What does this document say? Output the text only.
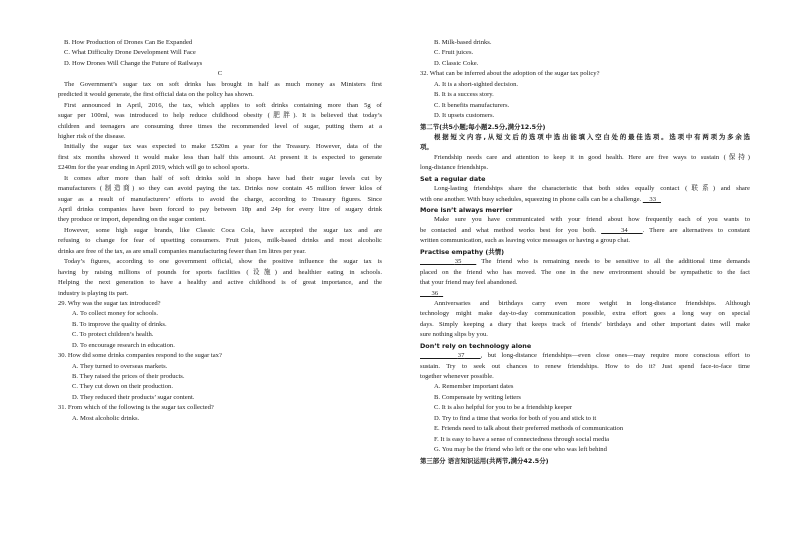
B. How Production of Drones Can Be Expanded
C. What Difficulty Drone Development Will Face
D. How Drones Will Change the Future of Railways
C
The Government’s sugar tax on soft drinks has brought in half as much money as Ministers first
predicted it would generate, the first official data on the policy has shown.
First announced in April, 2016, the tax, which applies to soft drinks containing more than 5g of
sugar per 100ml, was introduced to help reduce childhood obesity (肥胖). It is believed that today’s
children and teenagers are consuming three times the recommended level of sugar, putting them at a
higher risk of the disease.
Initially the sugar tax was expected to make £520m a year for the Treasury. However, data of the
first six months showed it would make less than half this amount. At present it is expected to generate
£240m for the year ending in April 2019, which will go to school sports.
It comes after more than half of soft drinks sold in shops have had their sugar levels cut by
manufacturers (制造商) so they can avoid paying the tax. Drinks now contain 45 million fewer kilos of
sugar as a result of manufacturers’ efforts to avoid the charge, according to Treasury figures. Since
April drinks companies have been forced to pay between 18p and 24p for every litre of sugary drink
they produce or import, depending on the sugar content.
However, some high sugar brands, like Classic Coca Cola, have accepted the sugar tax and are
refusing to change for fear of upsetting consumers. Fruit juices, milk-based drinks and most alcoholic
drinks are free of the tax, as are small companies manufacturing fewer than 1m litres per year.
Today’s figures, according to one government official, show the positive influence the sugar tax is
having by raising millions of pounds for sports facilities (设施) and healthier eating in schools.
Helping the next generation to have a healthy and active childhood is of great importance, and the
industry is playing its part.
29. Why was the sugar tax introduced?
A. To collect money for schools.
B. To improve the quality of drinks.
C. To protect children’s health.
D. To encourage research in education.
30. How did some drinks companies respond to the sugar tax?
A. They turned to overseas markets.
B. They raised the prices of their products.
C. They cut down on their production.
D. They reduced their products’ sugar content.
31. From which of the following is the sugar tax collected?
A. Most alcoholic drinks.
B. Milk-based drinks.
C. Fruit juices.
D. Classic Coke.
32. What can be inferred about the adoption of the sugar tax policy?
A. It is a short-sighted decision.
B. It is a success story.
C. It benefits manufacturers.
D. It upsets customers.
第二节(共5小题;每小题2.5分,满分12.5分)
根据短文内容,从短文后的选项中选出能填入空白处的最佳选项。选项中有两项为多余选
项。
Friendship needs care and attention to keep it in good health. Here are five ways to sustain (保持)
long-distance friendships.
Set a regular date
Long-lasting friendships share the characteristic that both sides equally contact (联系) and share
with one another. With busy schedules, squeezing in phone calls can be a challenge. 33
More isn’t always merrier
Make sure you have communicated with your friend about how frequently each of you wants to
be contacted and what method works best for you both.	34 . There are alternatives to constant
written communication, such as leaving voice messages or having a group chat.
Practise empathy (共情)
35	The friend who is remaining needs to be sensitive to all the additional time demands
placed on the friend who has moved. The one in the new environment should be sympathetic to the fact
that your friend may feel abandoned.
36
Anniversaries and birthdays carry even more weight in long-distance friendships. Although
technology might make day-to-day communication possible, extra effort goes a long way on special
days. Simply keeping a diary that keeps track of friends’ birthdays and other important dates will make
sure nothing slips by you.
Don’t rely on technology alone
37 , but long-distance friendships—even close ones—may require more conscious effort to
sustain. Try to seek out chances to renew friendships. How to do it? Just spend face-to-face time
together whenever possible.
A. Remember important dates
B. Compensate by writing letters
C. It is also helpful for you to be a friendship keeper
D. Try to find a time that works for both of you and stick to it
E. Friends need to talk about their preferred methods of communication
F. It is easy to have a sense of connectedness through social media
G. You may be the friend who left or the one who was left behind
第三部分 语言知识运用(共两节,满分42.5分)
